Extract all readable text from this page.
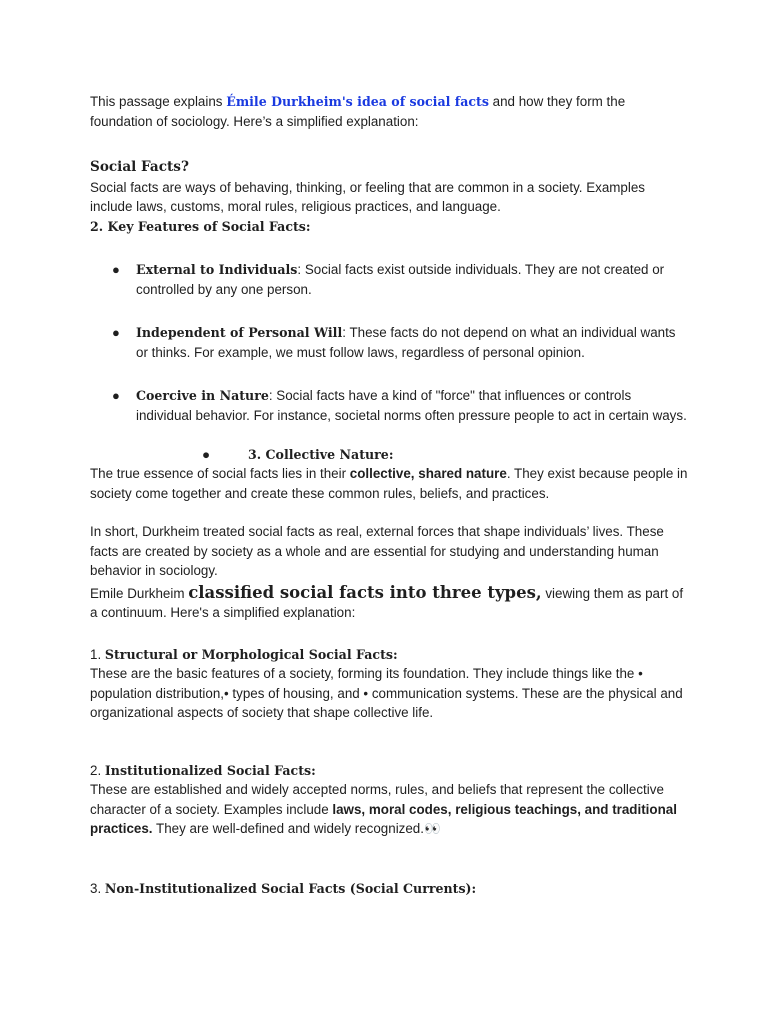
This passage explains Émile Durkheim's idea of social facts and how they form the foundation of sociology. Here’s a simplified explanation:

Social Facts?

Social facts are ways of behaving, thinking, or feeling that are common in a society. Examples include laws, customs, moral rules, religious practices, and language.

2. Key Features of Social Facts:

● External to Individuals: Social facts exist outside individuals. They are not created or controlled by any one person.
● Independent of Personal Will: These facts do not depend on what an individual wants or thinks. For example, we must follow laws, regardless of personal opinion.
● Coercive in Nature: Social facts have a kind of "force" that influences or controls individual behavior. For instance, societal norms often pressure people to act in certain ways.
●	3. Collective Nature:

The true essence of social facts lies in their collective, shared nature. They exist because people in society come together and create these common rules, beliefs, and practices.

In short, Durkheim treated social facts as real, external forces that shape individuals’ lives. These facts are created by society as a whole and are essential for studying and understanding human behavior in sociology.

Emile Durkheim classified social facts into three types, viewing them as part of a continuum. Here's a simplified explanation:

1. Structural or Morphological Social Facts:

These are the basic features of a society, forming its foundation. They include things like the • population distribution,• types of housing, and • communication systems. These are the physical and organizational aspects of society that shape collective life.

2. Institutionalized Social Facts:

These are established and widely accepted norms, rules, and beliefs that represent the collective character of a society. Examples include laws, moral codes, religious teachings, and traditional practices. They are well-defined and widely recognized.👀

3. Non-Institutionalized Social Facts (Social Currents):
